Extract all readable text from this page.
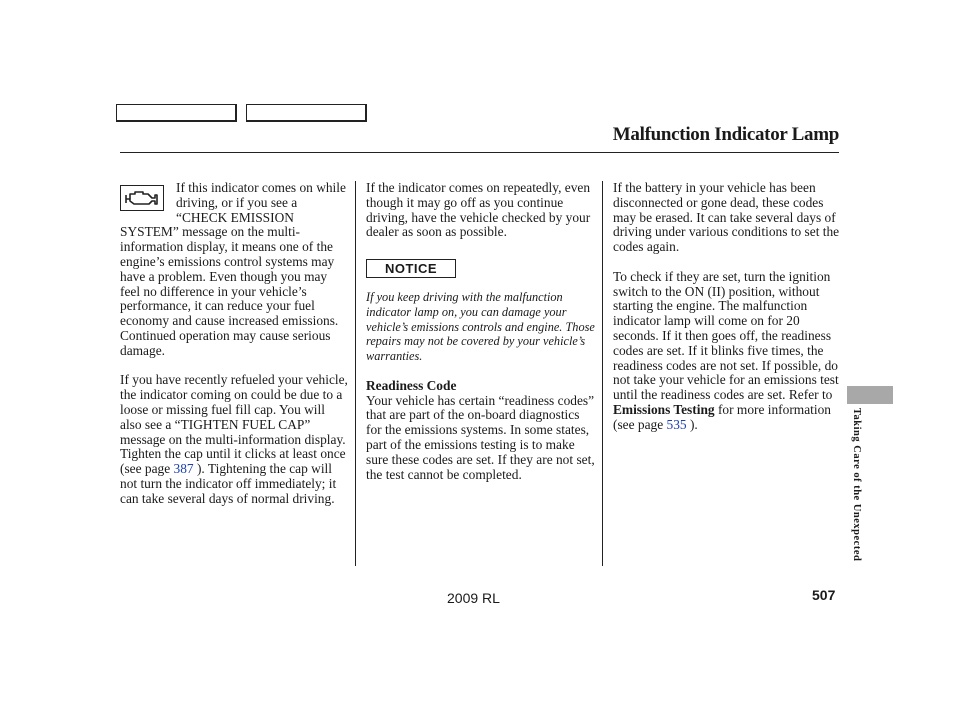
Malfunction Indicator Lamp

If this indicator comes on while driving, or if you see a “CHECK EMISSION SYSTEM” message on the multi-information display, it means one of the engine’s emissions control systems may have a problem. Even though you may feel no difference in your vehicle’s performance, it can reduce your fuel economy and cause increased emissions. Continued operation may cause serious damage.

If you have recently refueled your vehicle, the indicator coming on could be due to a loose or missing fuel fill cap. You will also see a “TIGHTEN FUEL CAP” message on the multi-information display. Tighten the cap until it clicks at least once (see page 387 ). Tightening the cap will not turn the indicator off immediately; it can take several days of normal driving.

If the indicator comes on repeatedly, even though it may go off as you continue driving, have the vehicle checked by your dealer as soon as possible.

NOTICE

If you keep driving with the malfunction indicator lamp on, you can damage your vehicle’s emissions controls and engine. Those repairs may not be covered by your vehicle’s warranties.

Readiness Code

Your vehicle has certain “readiness codes” that are part of the on-board diagnostics for the emissions systems. In some states, part of the emissions testing is to make sure these codes are set. If they are not set, the test cannot be completed.

If the battery in your vehicle has been disconnected or gone dead, these codes may be erased. It can take several days of driving under various conditions to set the codes again.

To check if they are set, turn the ignition switch to the ON (II) position, without starting the engine. The malfunction indicator lamp will come on for 20 seconds. If it then goes off, the readiness codes are set. If it blinks five times, the readiness codes are not set. If possible, do not take your vehicle for an emissions test until the readiness codes are set. Refer to Emissions Testing for more information (see page 535 ).	Taking Care of the Unexpected
2009 RL	507
